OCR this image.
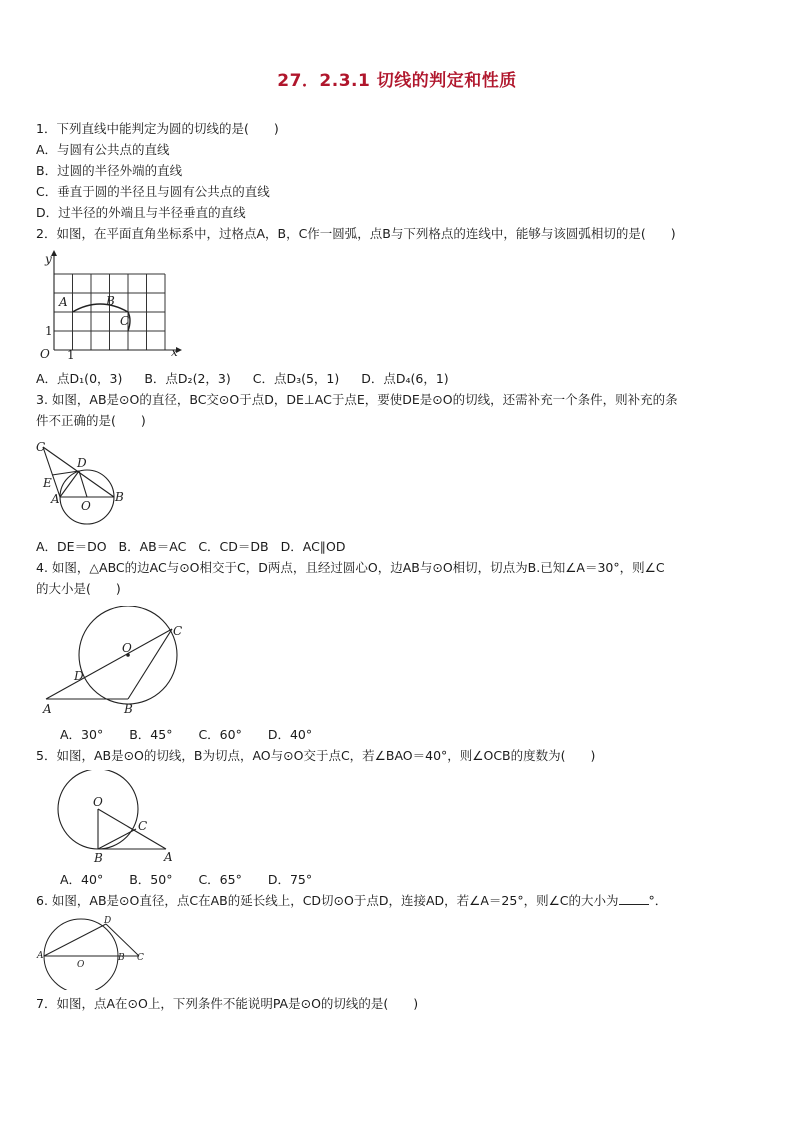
27．2.3.1 切线的判定和性质
1．下列直线中能判定为圆的切线的是(　　)
A．与圆有公共点的直线
B．过圆的半径外端的直线
C．垂直于圆的半径且与圆有公共点的直线
D．过半径的外端且与半径垂直的直线
2．如图，在平面直角坐标系中，过格点A，B，C作一圆弧，点B与下列格点的连线中，能够与该圆弧相切的是(　　)
y
x
O 1
1
A	B
C
A．点D₁(0，3) B．点D₂(2，3) C．点D₃(5，1) D．点D₄(6，1)
3. 如图，AB是⊙O的直径，BC交⊙O于点D，DE⊥AC于点E，要使DE是⊙O的切线，还需补充一个条件，则补充的条
件不正确的是(　　)
C
D
E
A O
B
A．DE＝DO B．AB＝AC C．CD＝DB D．AC∥OD
4. 如图，△ABC的边AC与⊙O相交于C，D两点，且经过圆心O，边AB与⊙O相切，切点为B.已知∠A＝30°，则∠C
的大小是(　　)
O
C
D
A	B
A．30° B．45° C．60° D．40°
5．如图，AB是⊙O的切线，B为切点，AO与⊙O交于点C，若∠BAO＝40°，则∠OCB的度数为(　　)
O
C
B	A
A．40° B．50° C．65° D．75°
6. 如图，AB是⊙O直径，点C在AB的延长线上，CD切⊙O于点D，连接AD，若∠A＝25°，则∠C的大小为 °．
D
A
O
B C
7．如图，点A在⊙O上，下列条件不能说明PA是⊙O的切线的是(　　)
